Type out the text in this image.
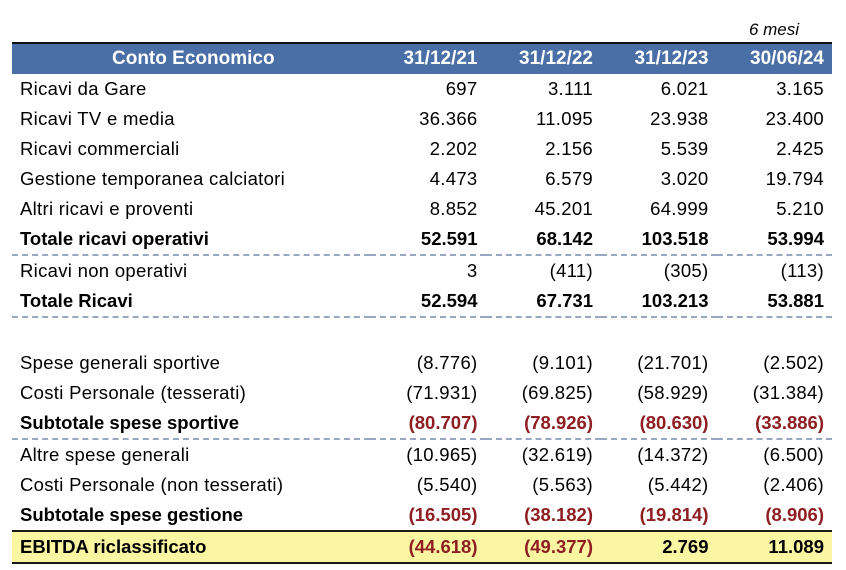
6 mesi
Conto Economico	31/12/21	31/12/22	31/12/23	30/06/24
Ricavi da Gare	697	3.111	6.021	3.165
Ricavi TV e media	36.366	11.095	23.938	23.400
Ricavi commerciali	2.202	2.156	5.539	2.425
Gestione temporanea calciatori	4.473	6.579	3.020	19.794
Altri ricavi e proventi	8.852	45.201	64.999	5.210
Totale ricavi operativi	52.591	68.142	103.518	53.994
Ricavi non operativi	3	(411)	(305)	(113)
Totale Ricavi	52.594	67.731	103.213	53.881

Spese generali sportive	(8.776)	(9.101)	(21.701)	(2.502)
Costi Personale (tesserati)	(71.931)	(69.825)	(58.929)	(31.384)
Subtotale spese sportive	(80.707)	(78.926)	(80.630)	(33.886)
Altre spese generali	(10.965)	(32.619)	(14.372)	(6.500)
Costi Personale (non tesserati)	(5.540)	(5.563)	(5.442)	(2.406)
Subtotale spese gestione	(16.505)	(38.182)	(19.814)	(8.906)
EBITDA riclassificato	(44.618)	(49.377)	2.769	11.089
